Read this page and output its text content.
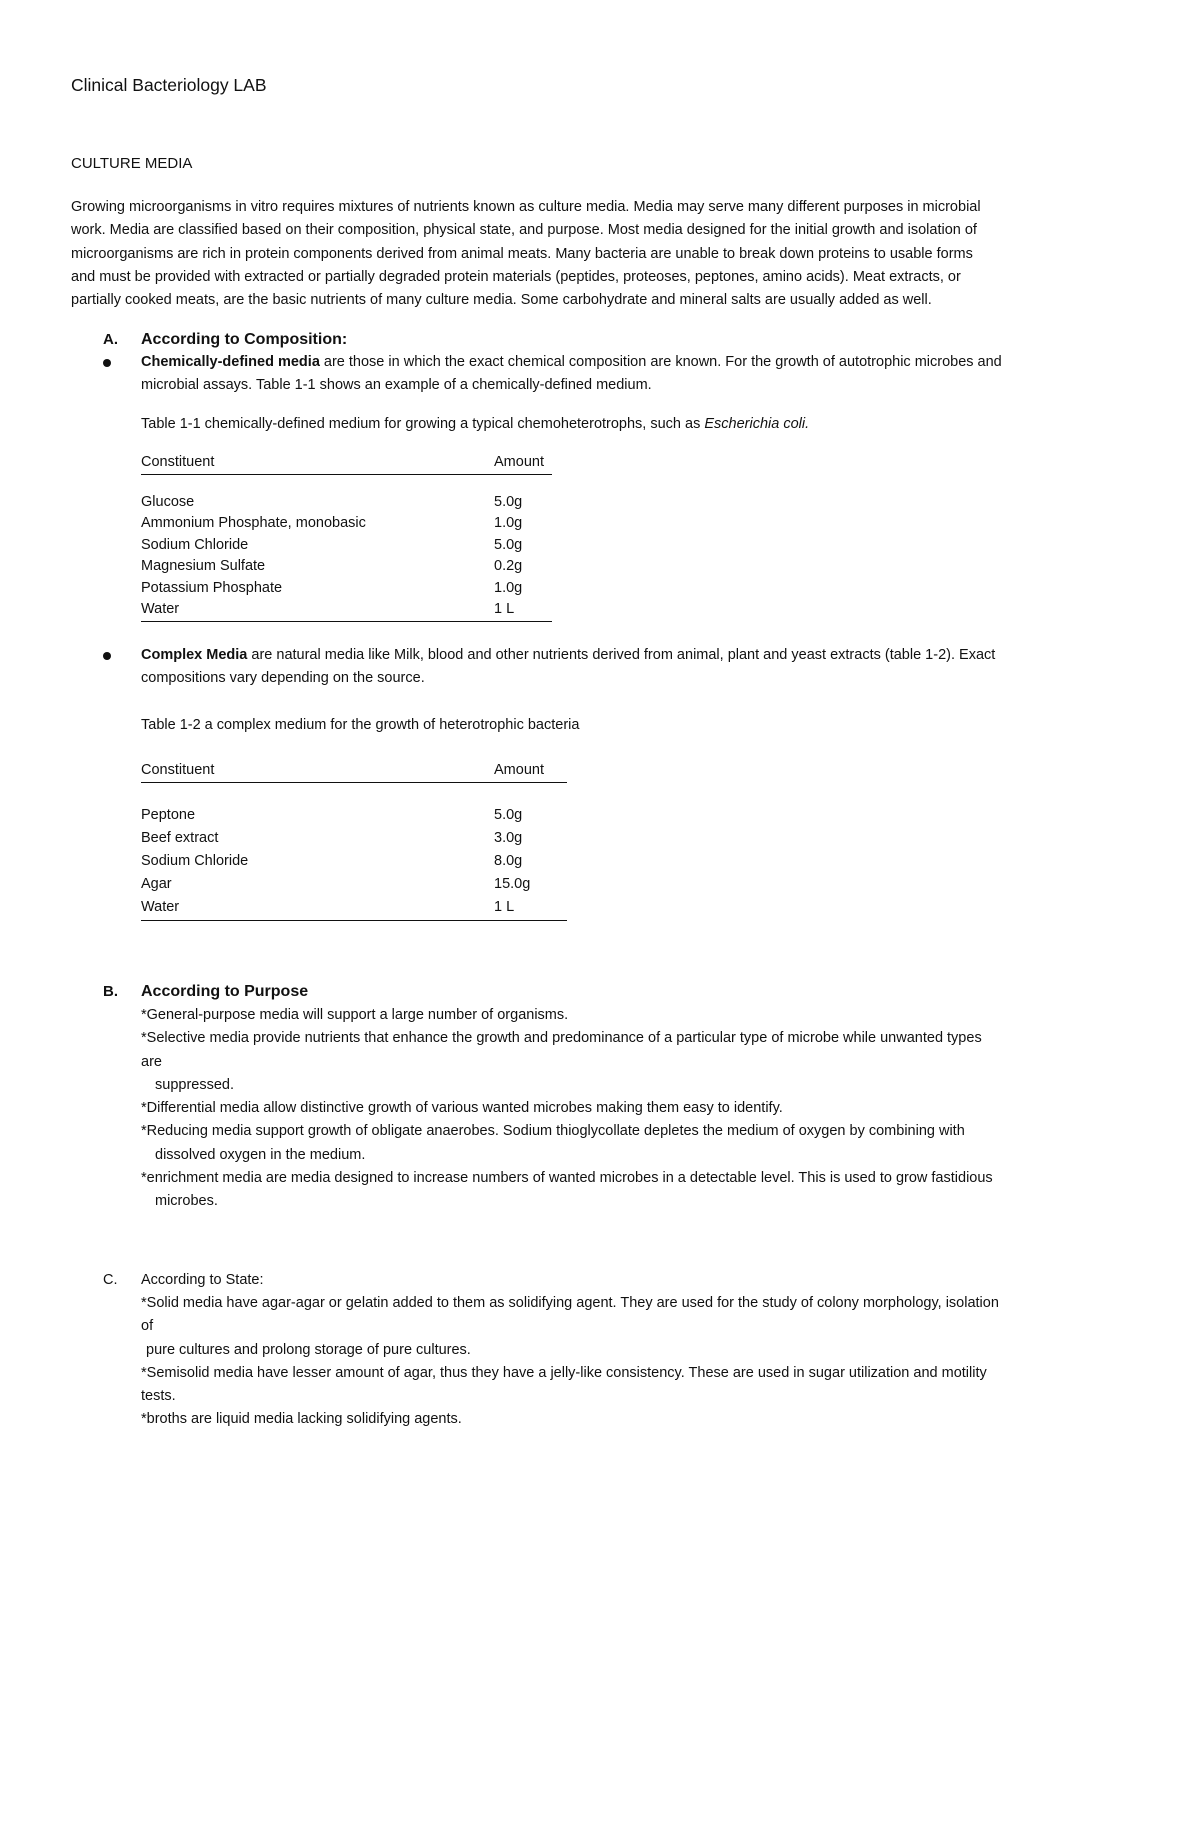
Clinical Bacteriology LAB
CULTURE MEDIA

Growing microorganisms in vitro requires mixtures of nutrients known as culture media. Media may serve many different purposes in microbial

work. Media are classified based on their composition, physical state, and purpose. Most media designed for the initial growth and isolation of

microorganisms are rich in protein components derived from animal meats. Many bacteria are unable to break down proteins to usable forms

and must be provided with extracted or partially degraded protein materials (peptides, proteoses, peptones, amino acids). Meat extracts, or

partially cooked meats, are the basic nutrients of many culture media. Some carbohydrate and mineral salts are usually added as well.

A.	According to Composition:
Chemically-defined media are those in which the exact chemical composition are known. For the growth of autotrophic microbes and
microbial assays. Table 1-1 shows an example of a chemically-defined medium.
Table 1-1 chemically-defined medium for growing a typical chemoheterotrophs, such as Escherichia coli.
Constituent	Amount

Glucose	5.0g
Ammonium Phosphate, monobasic	1.0g
Sodium Chloride	5.0g
Magnesium Sulfate	0.2g
Potassium Phosphate	1.0g
Water	1 L
Complex Media are natural media like Milk, blood and other nutrients derived from animal, plant and yeast extracts (table 1-2). Exact
compositions vary depending on the source.
Table 1-2 a complex medium for the growth of heterotrophic bacteria
Constituent	Amount

Peptone	5.0g
Beef extract	3.0g
Sodium Chloride	8.0g
Agar	15.0g
Water	1 L
B.	According to Purpose
*General-purpose media will support a large number of organisms.
*Selective media provide nutrients that enhance the growth and predominance of a particular type of microbe while unwanted types
are
suppressed.
*Differential media allow distinctive growth of various wanted microbes making them easy to identify.
*Reducing media support growth of obligate anaerobes. Sodium thioglycollate depletes the medium of oxygen by combining with
dissolved oxygen in the medium.
*enrichment media are media designed to increase numbers of wanted microbes in a detectable level. This is used to grow fastidious
microbes.
C.	According to State:
*Solid media have agar-agar or gelatin added to them as solidifying agent. They are used for the study of colony morphology, isolation
of
pure cultures and prolong storage of pure cultures.
*Semisolid media have lesser amount of agar, thus they have a jelly-like consistency. These are used in sugar utilization and motility
tests.
*broths are liquid media lacking solidifying agents.
